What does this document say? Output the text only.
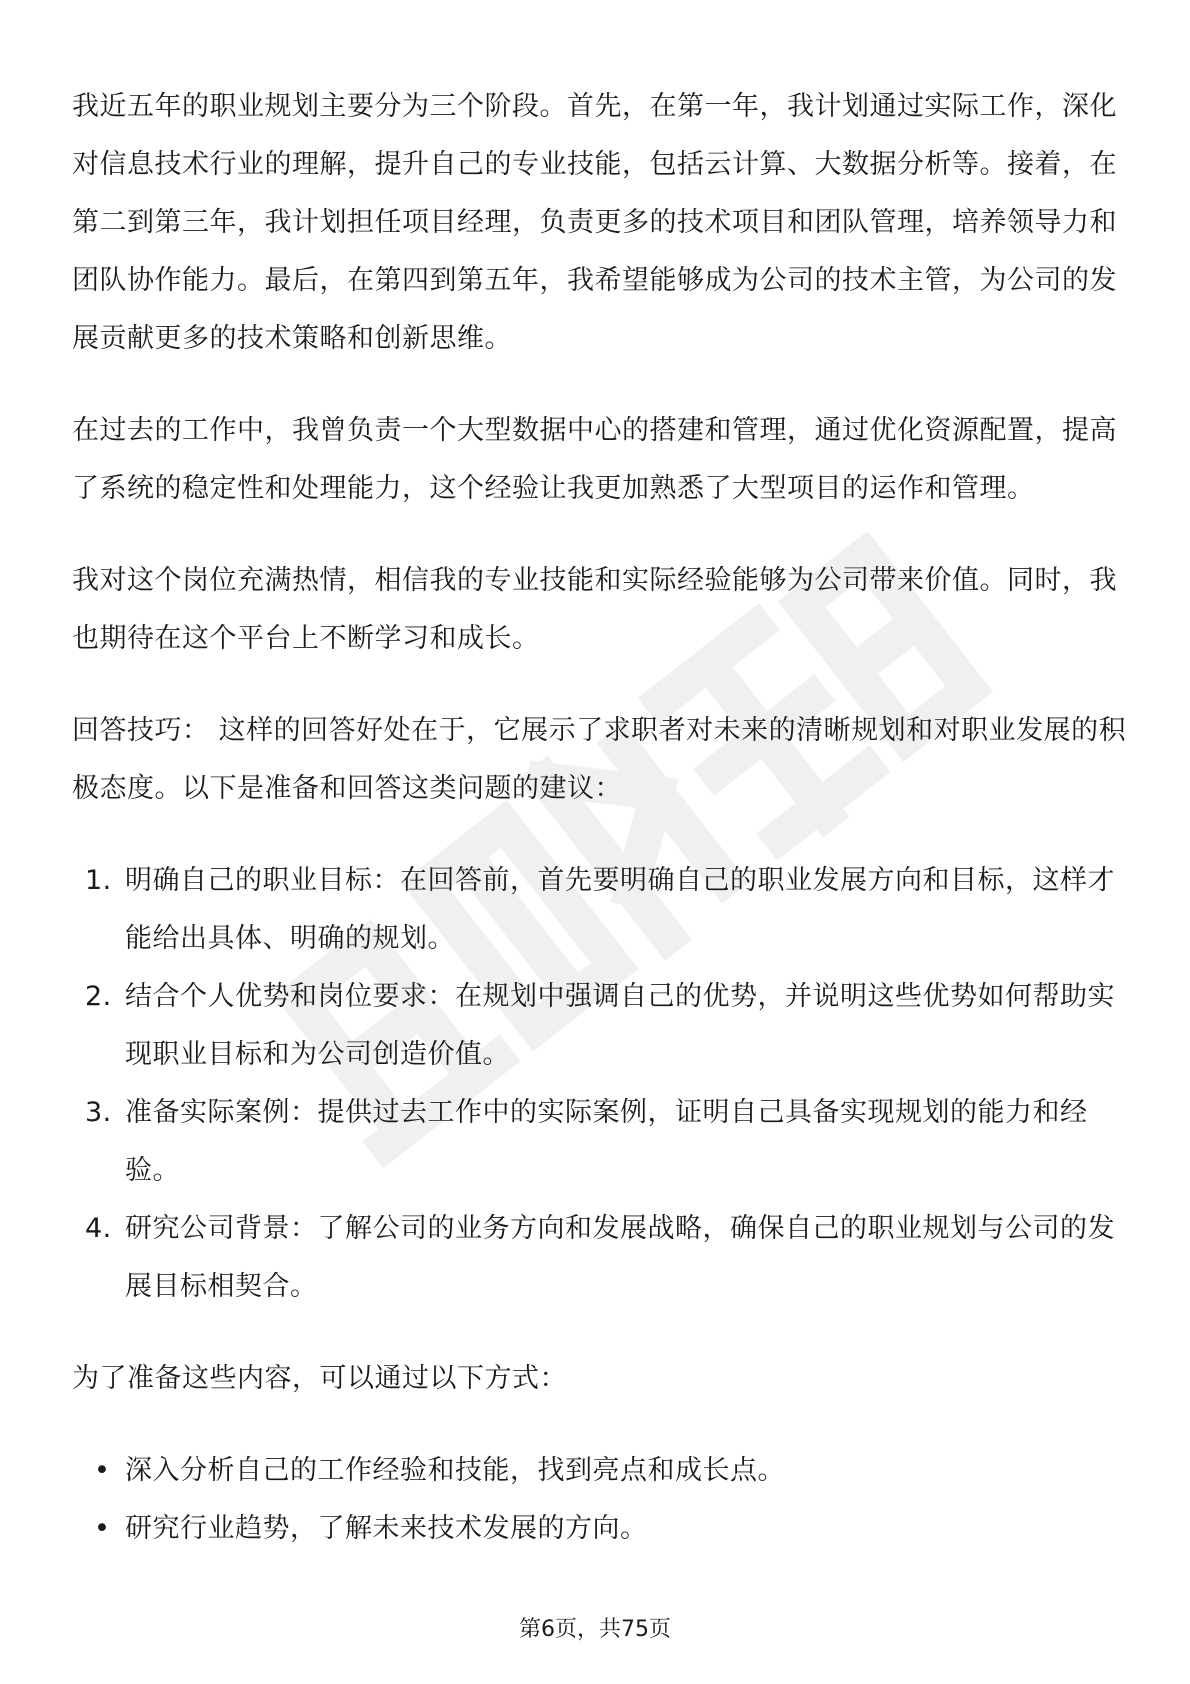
我近五年的职业规划主要分为三个阶段。首先，在第一年，我计划通过实际工作，深化对信息技术行业的理解，提升自己的专业技能，包括云计算、大数据分析等。接着，在第二到第三年，我计划担任项目经理，负责更多的技术项目和团队管理，培养领导力和团队协作能力。最后，在第四到第五年，我希望能够成为公司的技术主管，为公司的发展贡献更多的技术策略和创新思维。

在过去的工作中，我曾负责一个大型数据中心的搭建和管理，通过优化资源配置，提高了系统的稳定性和处理能力，这个经验让我更加熟悉了大型项目的运作和管理。

我对这个岗位充满热情，相信我的专业技能和实际经验能够为公司带来价值。同时，我也期待在这个平台上不断学习和成长。

回答技巧： 这样的回答好处在于，它展示了求职者对未来的清晰规划和对职业发展的积极态度。以下是准备和回答这类问题的建议：

1. 明确自己的职业目标：在回答前，首先要明确自己的职业发展方向和目标，这样才能给出具体、明确的规划。
2. 结合个人优势和岗位要求：在规划中强调自己的优势，并说明这些优势如何帮助实现职业目标和为公司创造价值。
3. 准备实际案例：提供过去工作中的实际案例，证明自己具备实现规划的能力和经验。
4. 研究公司背景：了解公司的业务方向和发展战略，确保自己的职业规划与公司的发展目标相契合。

为了准备这些内容，可以通过以下方式：

• 深入分析自己的工作经验和技能，找到亮点和成长点。
• 研究行业趋势，了解未来技术发展的方向。
第6页，共75页
